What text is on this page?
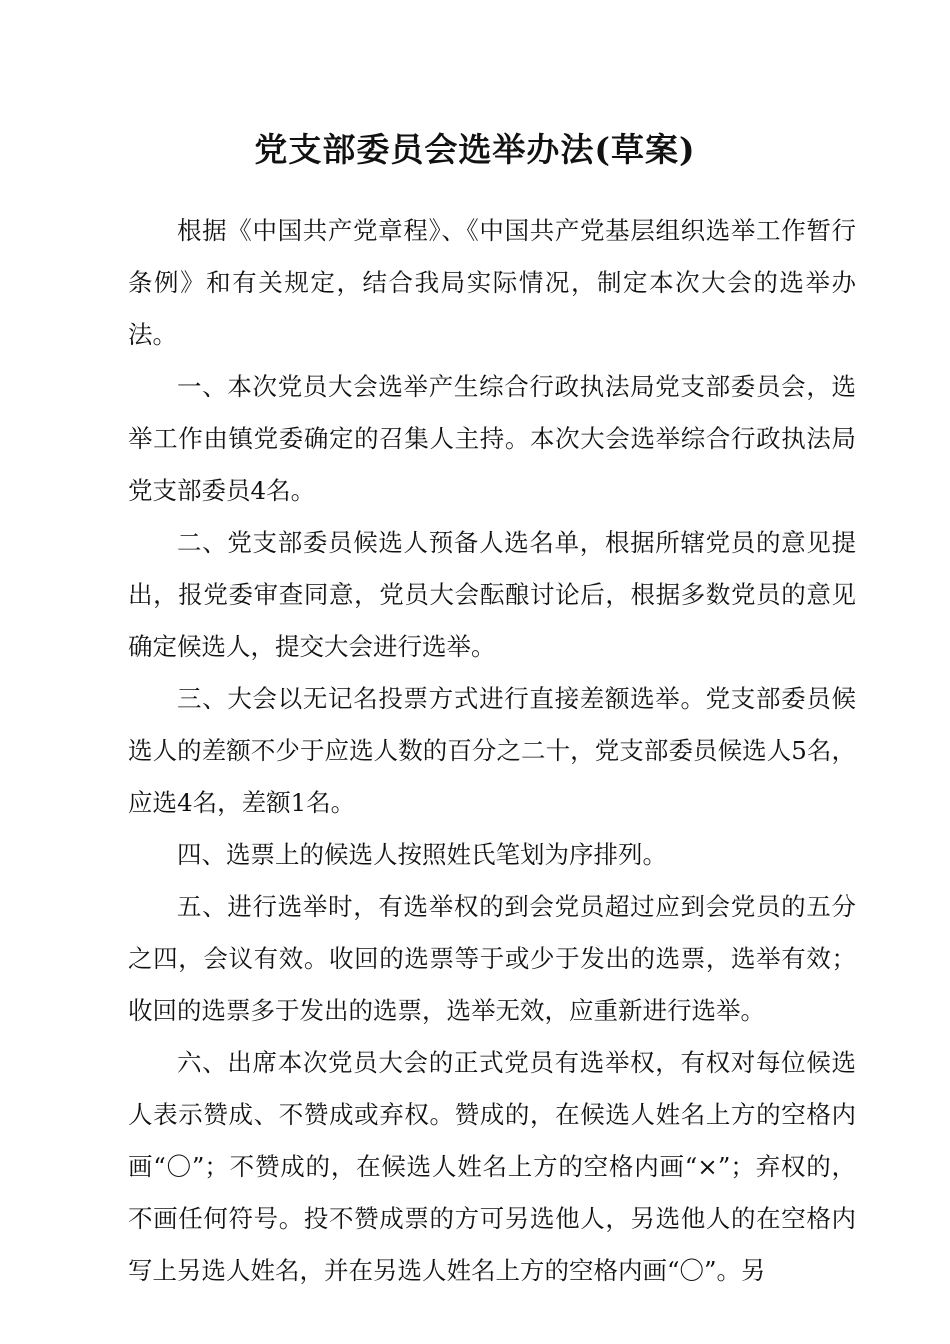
党支部委员会选举办法(草案)

根据《中国共产党章程》、《中国共产党基层组织选举工作暂行条例》和有关规定，结合我局实际情况，制定本次大会的选举办法。

一、本次党员大会选举产生综合行政执法局党支部委员会，选举工作由镇党委确定的召集人主持。本次大会选举综合行政执法局党支部委员4名。

二、党支部委员候选人预备人选名单，根据所辖党员的意见提出，报党委审查同意，党员大会酝酿讨论后，根据多数党员的意见确定候选人，提交大会进行选举。

三、大会以无记名投票方式进行直接差额选举。党支部委员候选人的差额不少于应选人数的百分之二十，党支部委员候选人5名，应选4名，差额1名。

四、选票上的候选人按照姓氏笔划为序排列。

五、进行选举时，有选举权的到会党员超过应到会党员的五分之四，会议有效。收回的选票等于或少于发出的选票，选举有效；收回的选票多于发出的选票，选举无效，应重新进行选举。

六、出席本次党员大会的正式党员有选举权，有权对每位候选人表示赞成、不赞成或弃权。赞成的，在候选人姓名上方的空格内画“〇”；不赞成的，在候选人姓名上方的空格内画“×”；弃权的，不画任何符号。投不赞成票的方可另选他人，另选他人的在空格内写上另选人姓名，并在另选人姓名上方的空格内画“〇”。另
